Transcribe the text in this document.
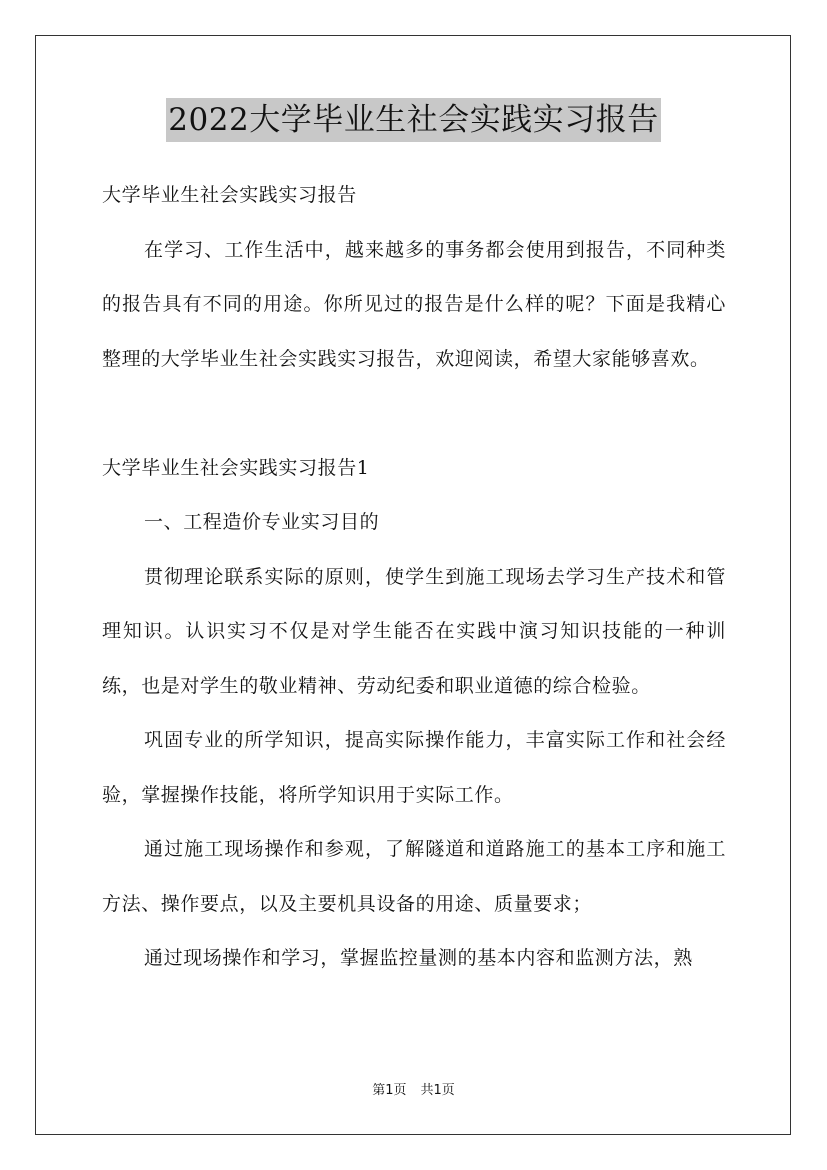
2022大学毕业生社会实践实习报告

大学毕业生社会实践实习报告

在学习、工作生活中，越来越多的事务都会使用到报告，不同种类的报告具有不同的用途。你所见过的报告是什么样的呢？下面是我精心整理的大学毕业生社会实践实习报告，欢迎阅读，希望大家能够喜欢。

大学毕业生社会实践实习报告1

一、工程造价专业实习目的

贯彻理论联系实际的原则，使学生到施工现场去学习生产技术和管理知识。认识实习不仅是对学生能否在实践中演习知识技能的一种训练，也是对学生的敬业精神、劳动纪委和职业道德的综合检验。

巩固专业的所学知识，提高实际操作能力，丰富实际工作和社会经验，掌握操作技能，将所学知识用于实际工作。

通过施工现场操作和参观，了解隧道和道路施工的基本工序和施工方法、操作要点，以及主要机具设备的用途、质量要求；

通过现场操作和学习，掌握监控量测的基本内容和监测方法，熟

第1页 共1页
